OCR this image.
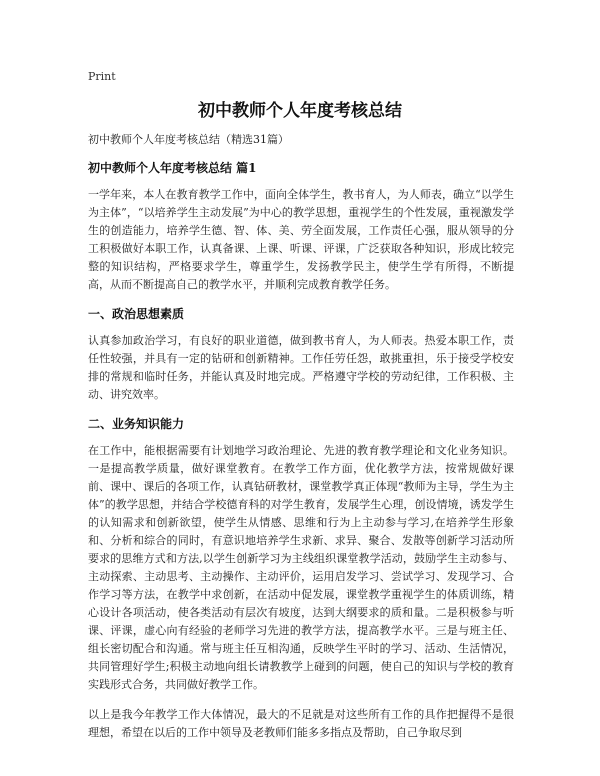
Print
初中教师个人年度考核总结

初中教师个人年度考核总结（精选31篇）

初中教师个人年度考核总结 篇1

一学年来，本人在教育教学工作中，面向全体学生，教书育人，为人师表，确立“以学生为主体”，“以培养学生主动发展”为中心的教学思想，重视学生的个性发展，重视激发学生的创造能力，培养学生德、智、体、美、劳全面发展，工作责任心强，服从领导的分工积极做好本职工作，认真备课、上课、听课、评课，广泛获取各种知识，形成比较完整的知识结构，严格要求学生，尊重学生，发扬教学民主，使学生学有所得，不断提高，从而不断提高自己的教学水平，并顺利完成教育教学任务。

一、政治思想素质

认真参加政治学习，有良好的职业道德，做到教书育人，为人师表。热爱本职工作，责任性较强，并具有一定的钻研和创新精神。工作任劳任怨，敢挑重担，乐于接受学校安排的常规和临时任务，并能认真及时地完成。严格遵守学校的劳动纪律，工作积极、主动、讲究效率。

二、业务知识能力

在工作中，能根据需要有计划地学习政治理论、先进的教育教学理论和文化业务知识。一是提高教学质量，做好课堂教育。在教学工作方面，优化教学方法，按常规做好课前、课中、课后的各项工作，认真钻研教材，课堂教学真正体现“教师为主导，学生为主体”的教学思想，并结合学校德育科的对学生教育，发展学生心理，创设情境，诱发学生的认知需求和创新欲望，使学生从情感、思维和行为上主动参与学习,在培养学生形象和、分析和综合的同时，有意识地培养学生求新、求异、聚合、发散等创新学习活动所要求的思维方式和方法,以学生创新学习为主线组织课堂教学活动，鼓励学生主动参与、主动探索、主动思考、主动操作、主动评价，运用启发学习、尝试学习、发现学习、合作学习等方法，在教学中求创新，在活动中促发展，课堂教学重视学生的体质训练，精心设计各项活动，使各类活动有层次有坡度，达到大纲要求的质和量。二是积极参与听课、评课，虚心向有经验的老师学习先进的教学方法，提高教学水平。三是与班主任、组长密切配合和沟通。常与班主任互相沟通，反映学生平时的学习、活动、生活情况，共同管理好学生;积极主动地向组长请教教学上碰到的问题，使自己的知识与学校的教育实践形式合务，共同做好教学工作。

以上是我今年教学工作大体情况，最大的不足就是对这些所有工作的具作把握得不是很理想，希望在以后的工作中领导及老教师们能多多指点及帮助，自己争取尽到
